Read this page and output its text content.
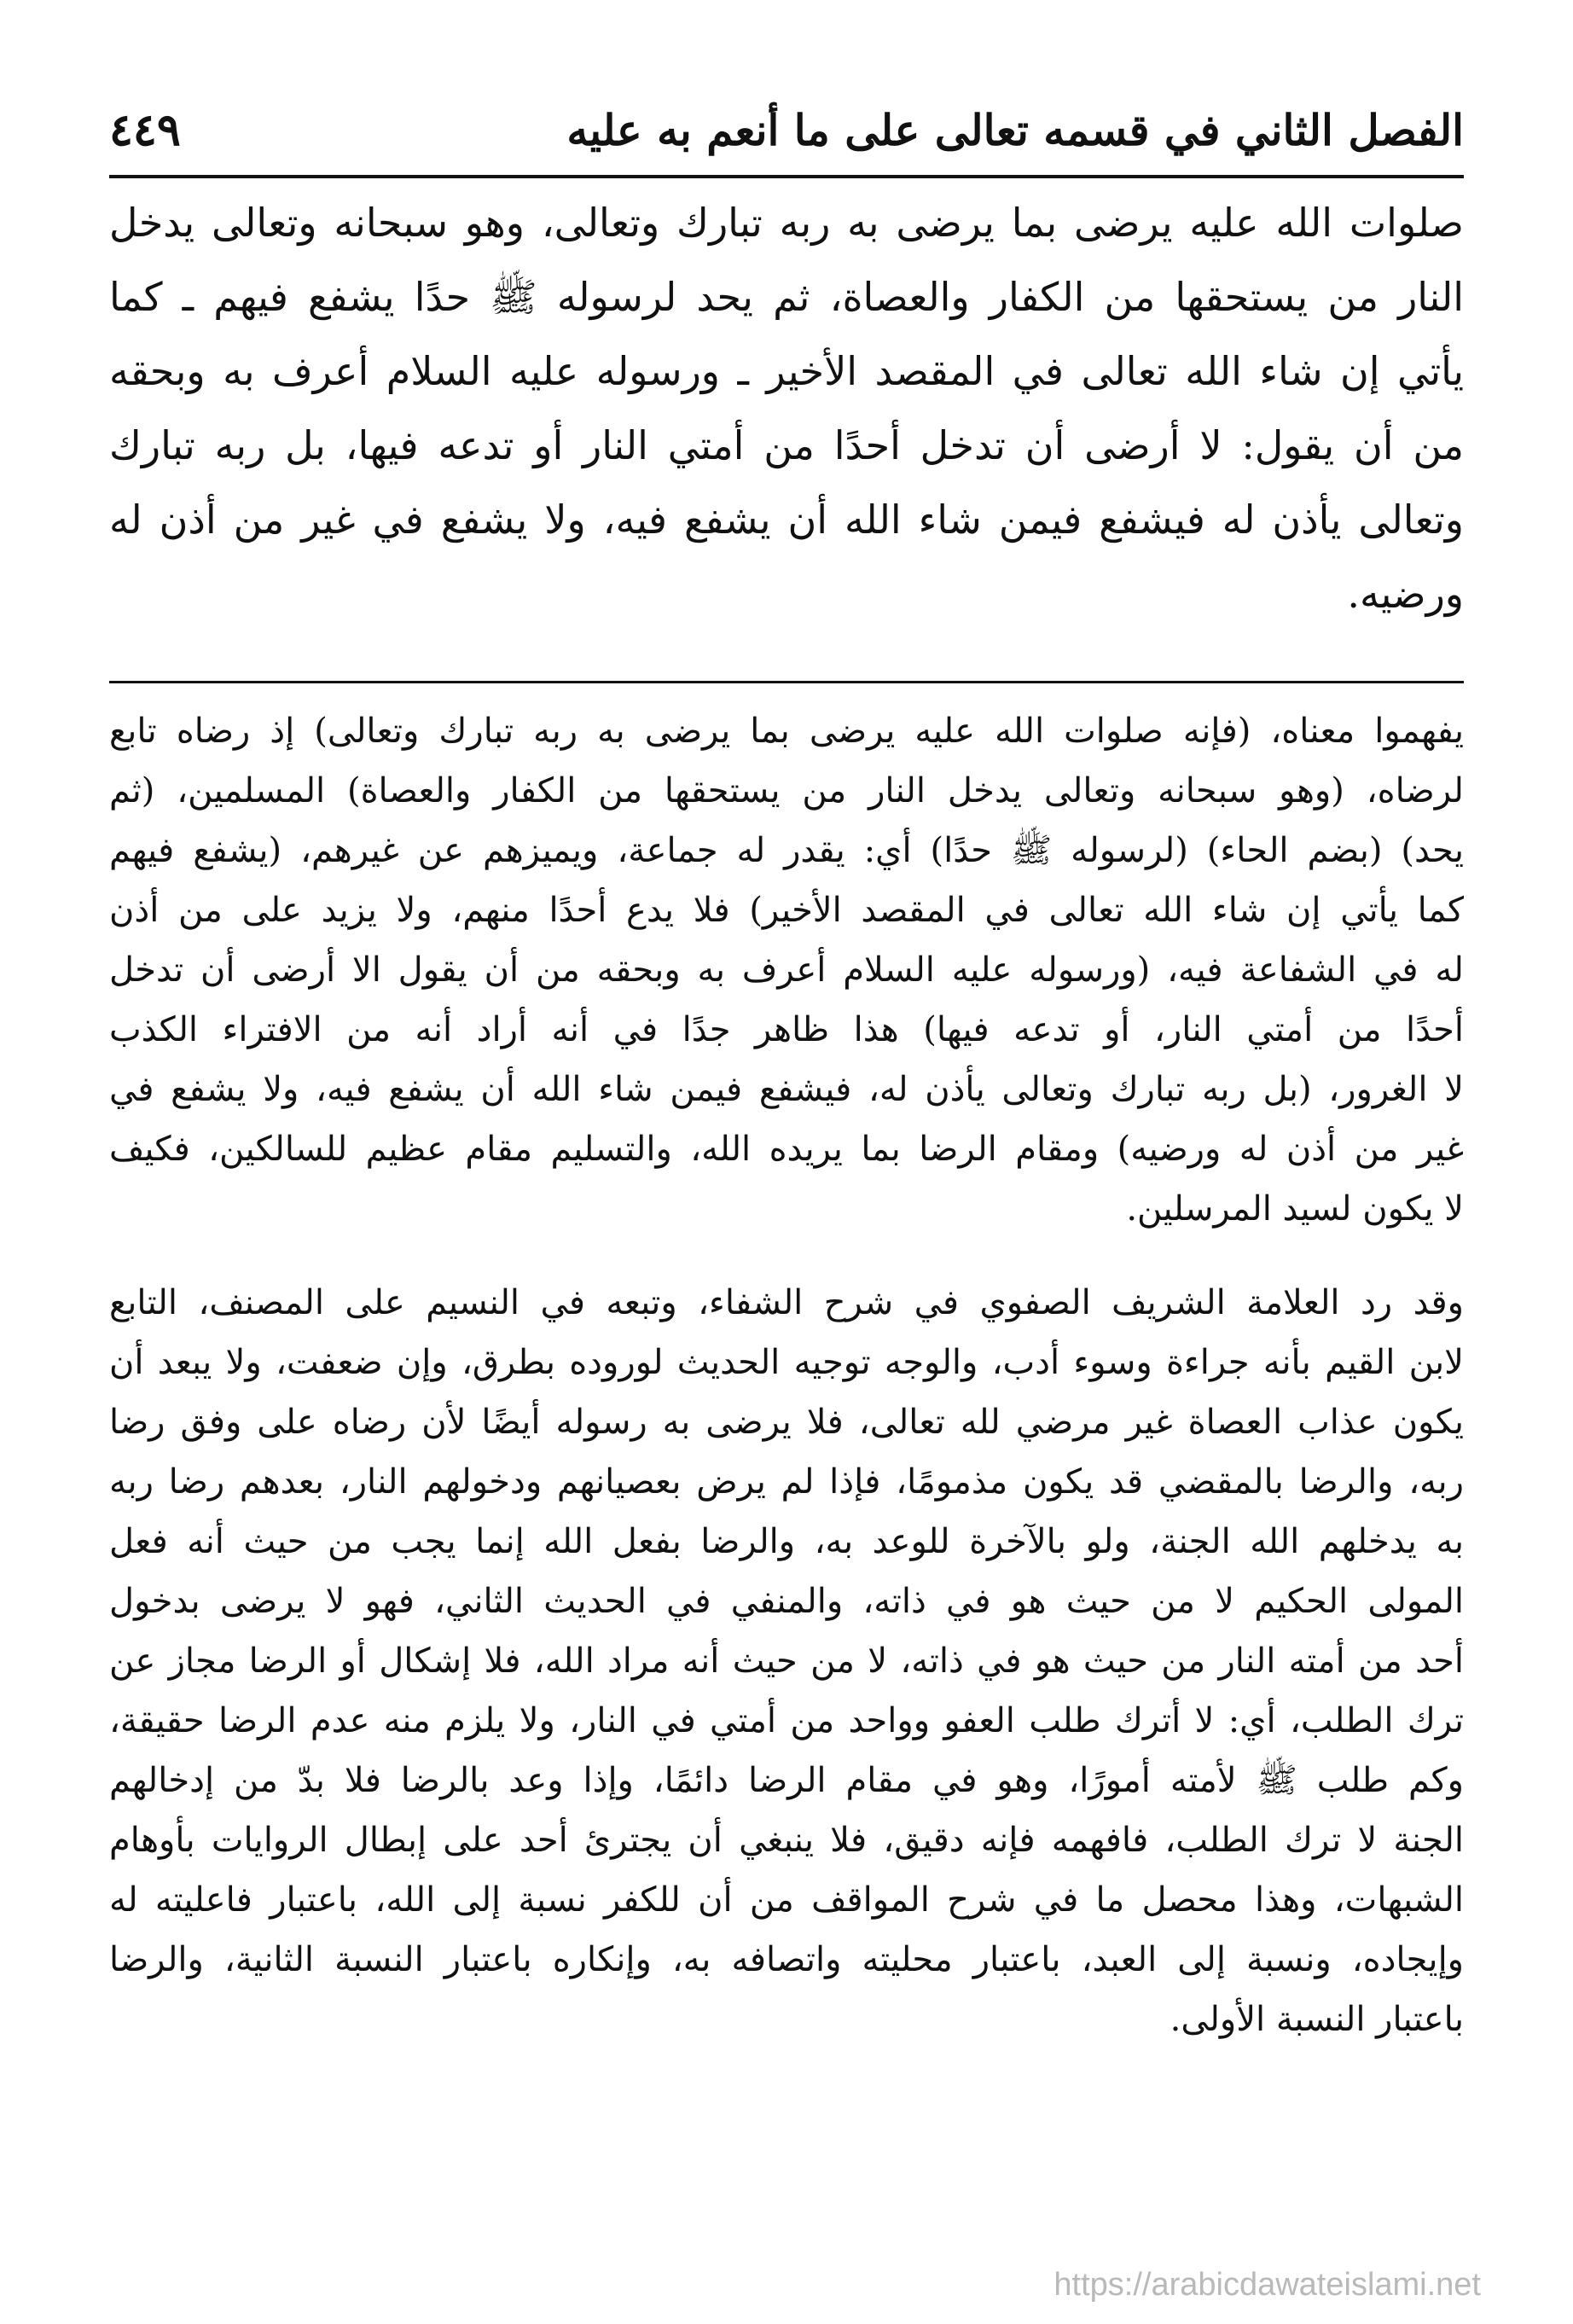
٤٤٩	الفصل الثاني في قسمه تعالى على ما أنعم به عليه
صلوات الله عليه يرضى بما يرضى به ربه تبارك وتعالى، وهو سبحانه وتعالى يدخل
النار من يستحقها من الكفار والعصاة، ثم يحد لرسوله ﷺ حدًا يشفع فيهم ـ كما
يأتي إن شاء الله تعالى في المقصد الأخير ـ ورسوله عليه السلام أعرف به وبحقه
من أن يقول: لا أرضى أن تدخل أحدًا من أمتي النار أو تدعه فيها، بل ربه تبارك
وتعالى يأذن له فيشفع فيمن شاء الله أن يشفع فيه، ولا يشفع في غير من أذن له
ورضيه.
يفهموا معناه، (فإنه صلوات الله عليه يرضى بما يرضى به ربه تبارك وتعالى) إذ رضاه تابع
لرضاه، (وهو سبحانه وتعالى يدخل النار من يستحقها من الكفار والعصاة) المسلمين، (ثم
يحد) (بضم الحاء) (لرسوله ﷺ حدًا) أي: يقدر له جماعة، ويميزهم عن غيرهم، (يشفع فيهم
كما يأتي إن شاء الله تعالى في المقصد الأخير) فلا يدع أحدًا منهم، ولا يزيد على من أذن
له في الشفاعة فيه، (ورسوله عليه السلام أعرف به وبحقه من أن يقول الا أرضى أن تدخل
أحدًا من أمتي النار، أو تدعه فيها) هذا ظاهر جدًا في أنه أراد أنه من الافتراء الكذب
لا الغرور، (بل ربه تبارك وتعالى يأذن له، فيشفع فيمن شاء الله أن يشفع فيه، ولا يشفع في
غير من أذن له ورضيه) ومقام الرضا بما يريده الله، والتسليم مقام عظيم للسالكين، فكيف
لا يكون لسيد المرسلين.
وقد رد العلامة الشريف الصفوي في شرح الشفاء، وتبعه في النسيم على المصنف، التابع
لابن القيم بأنه جراءة وسوء أدب، والوجه توجيه الحديث لوروده بطرق، وإن ضعفت، ولا يبعد أن
يكون عذاب العصاة غير مرضي لله تعالى، فلا يرضى به رسوله أيضًا لأن رضاه على وفق رضا
ربه، والرضا بالمقضي قد يكون مذمومًا، فإذا لم يرض بعصيانهم ودخولهم النار، بعدهم رضا ربه
به يدخلهم الله الجنة، ولو بالآخرة للوعد به، والرضا بفعل الله إنما يجب من حيث أنه فعل
المولى الحكيم لا من حيث هو في ذاته، والمنفي في الحديث الثاني، فهو لا يرضى بدخول
أحد من أمته النار من حيث هو في ذاته، لا من حيث أنه مراد الله، فلا إشكال أو الرضا مجاز عن
ترك الطلب، أي: لا أترك طلب العفو وواحد من أمتي في النار، ولا يلزم منه عدم الرضا حقيقة،
وكم طلب ﷺ لأمته أمورًا، وهو في مقام الرضا دائمًا، وإذا وعد بالرضا فلا بدّ من إدخالهم
الجنة لا ترك الطلب، فافهمه فإنه دقيق، فلا ينبغي أن يجترئ أحد على إبطال الروايات بأوهام
الشبهات، وهذا محصل ما في شرح المواقف من أن للكفر نسبة إلى الله، باعتبار فاعليته له
وإيجاده، ونسبة إلى العبد، باعتبار محليته واتصافه به، وإنكاره باعتبار النسبة الثانية، والرضا
باعتبار النسبة الأولى.
https://arabicdawateislami.net
